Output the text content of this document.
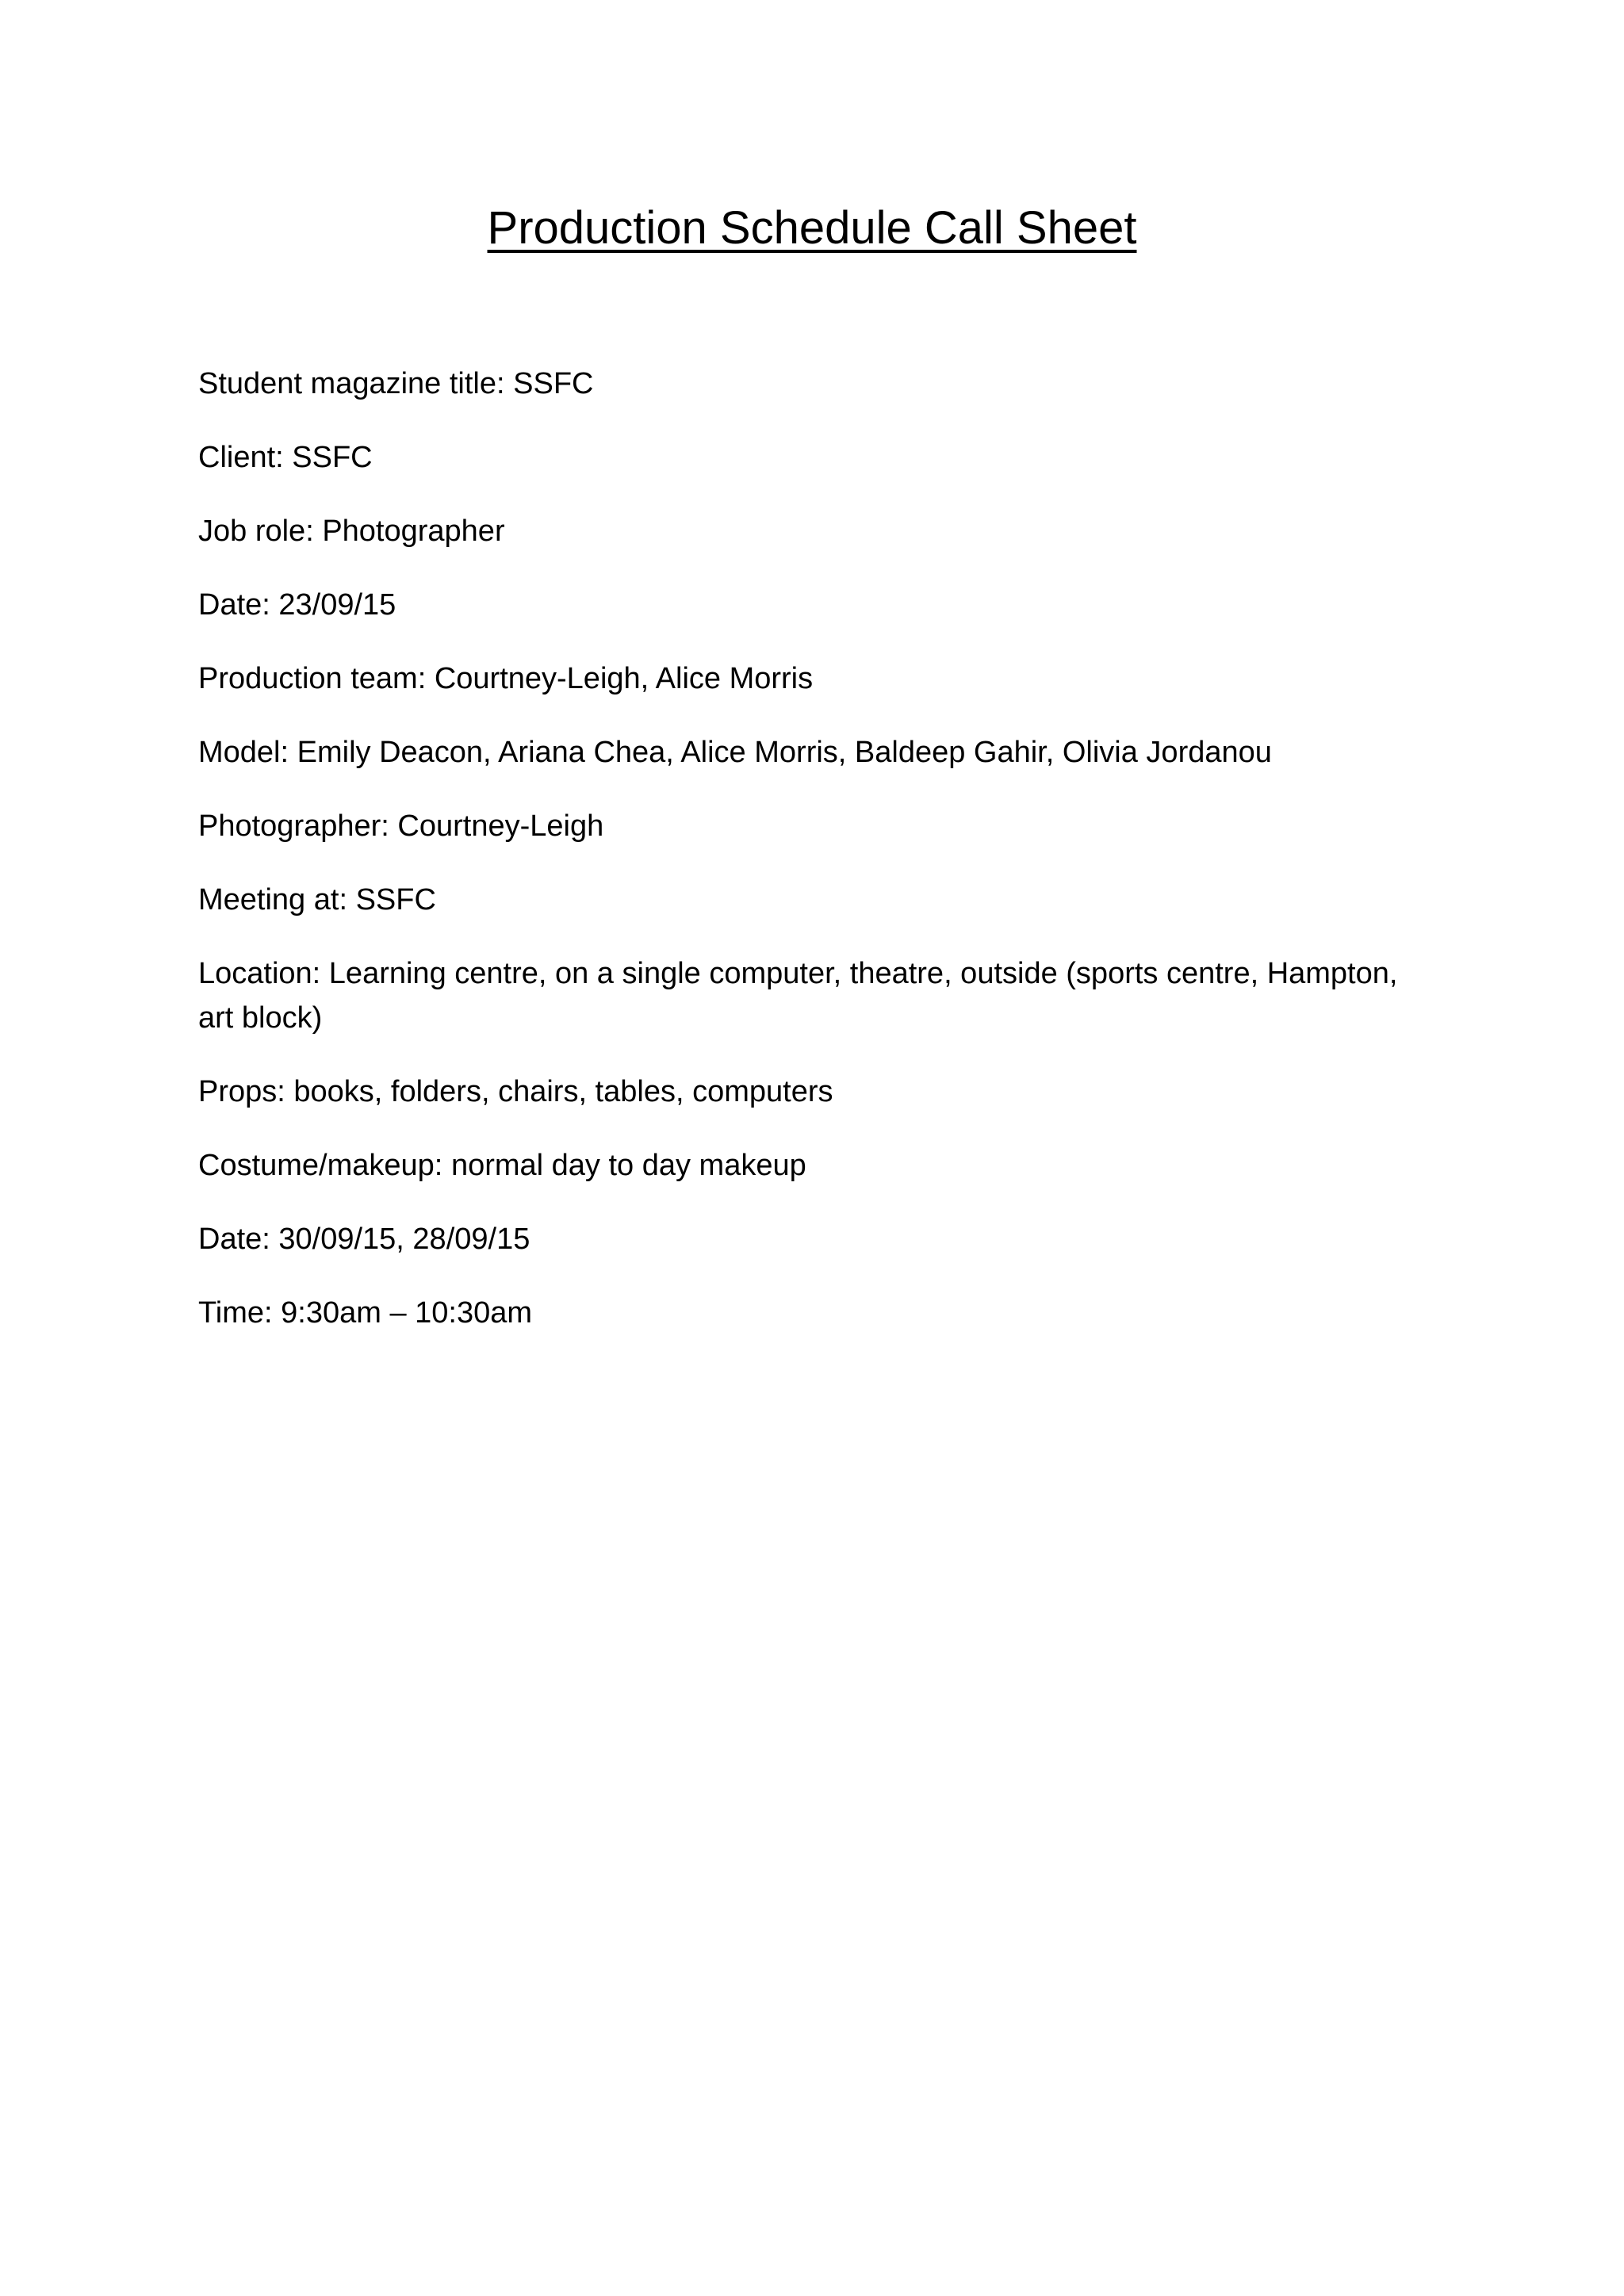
Production Schedule Call Sheet
Student magazine title: SSFC
Client: SSFC
Job role: Photographer
Date: 23/09/15
Production team: Courtney-Leigh, Alice Morris
Model: Emily Deacon, Ariana Chea, Alice Morris, Baldeep Gahir, Olivia Jordanou
Photographer: Courtney-Leigh
Meeting at: SSFC
Location: Learning centre, on a single computer, theatre, outside (sports centre, Hampton, art block)
Props: books, folders, chairs, tables, computers
Costume/makeup: normal day to day makeup
Date: 30/09/15, 28/09/15
Time: 9:30am – 10:30am
